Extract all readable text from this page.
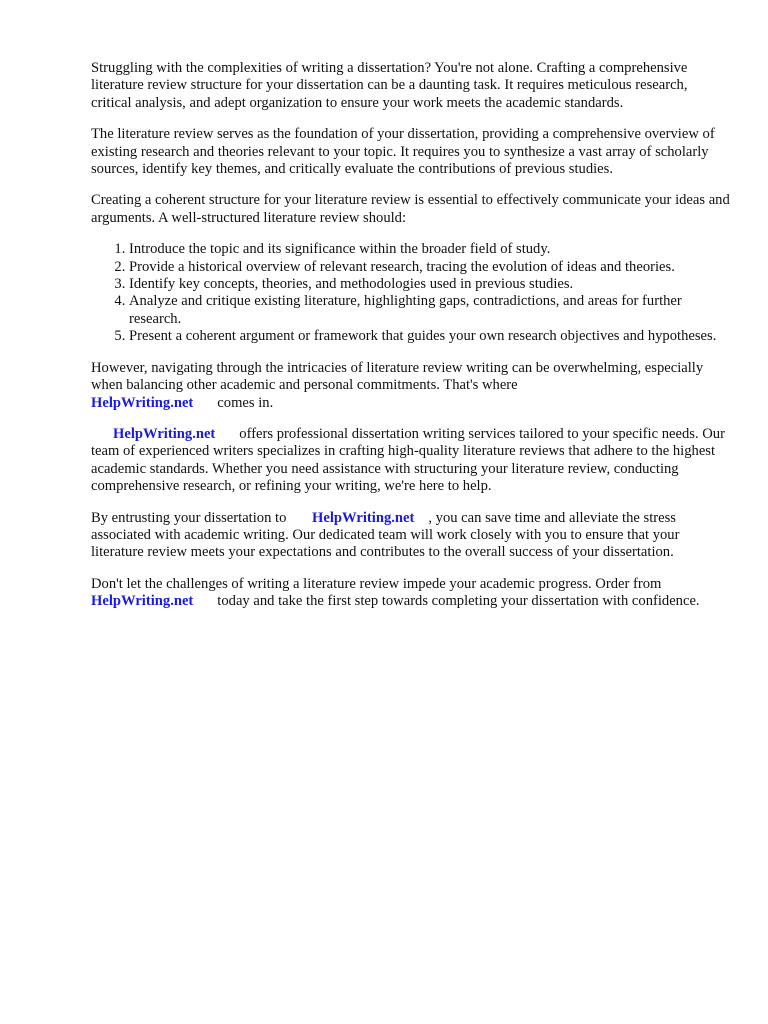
Struggling with the complexities of writing a dissertation? You're not alone. Crafting a comprehensive literature review structure for your dissertation can be a daunting task. It requires meticulous research, critical analysis, and adept organization to ensure your work meets the academic standards.

The literature review serves as the foundation of your dissertation, providing a comprehensive overview of existing research and theories relevant to your topic. It requires you to synthesize a vast array of scholarly sources, identify key themes, and critically evaluate the contributions of previous studies.

Creating a coherent structure for your literature review is essential to effectively communicate your ideas and arguments. A well-structured literature review should:

1. Introduce the topic and its significance within the broader field of study.
2. Provide a historical overview of relevant research, tracing the evolution of ideas and theories.
3. Identify key concepts, theories, and methodologies used in previous studies.
4. Analyze and critique existing literature, highlighting gaps, contradictions, and areas for further research.
5. Present a coherent argument or framework that guides your own research objectives and hypotheses.

However, navigating through the intricacies of literature review writing can be overwhelming, especially when balancing other academic and personal commitments. That's where
HelpWriting.net comes in.

HelpWriting.net offers professional dissertation writing services tailored to your specific needs. Our team of experienced writers specializes in crafting high-quality literature reviews that adhere to the highest academic standards. Whether you need assistance with structuring your literature review, conducting comprehensive research, or refining your writing, we're here to help.

By entrusting your dissertation to HelpWriting.net , you can save time and alleviate the stress associated with academic writing. Our dedicated team will work closely with you to ensure that your literature review meets your expectations and contributes to the overall success of your dissertation.

Don't let the challenges of writing a literature review impede your academic progress. Order from
HelpWriting.net today and take the first step towards completing your dissertation with confidence.
